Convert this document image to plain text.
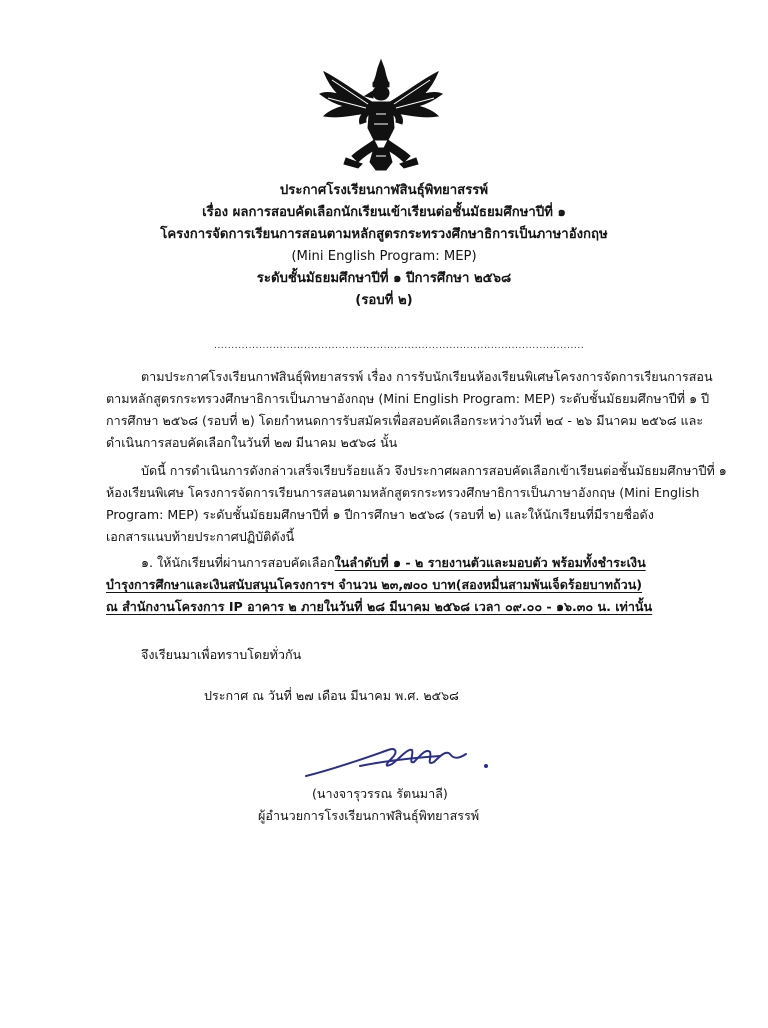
ประกาศโรงเรียนกาฬสินธุ์พิทยาสรรพ์
เรื่อง ผลการสอบคัดเลือกนักเรียนเข้าเรียนต่อชั้นมัธยมศึกษาปีที่ ๑
โครงการจัดการเรียนการสอนตามหลักสูตรกระทรวงศึกษาธิการเป็นภาษาอังกฤษ
(Mini English Program: MEP)
ระดับชั้นมัธยมศึกษาปีที่ ๑ ปีการศึกษา ๒๕๖๘
(รอบที่ ๒)
...........................................................................................................
ตามประกาศโรงเรียนกาฬสินธุ์พิทยาสรรพ์ เรื่อง การรับนักเรียนห้องเรียนพิเศษโครงการจัดการเรียนการสอน
ตามหลักสูตรกระทรวงศึกษาธิการเป็นภาษาอังกฤษ (Mini English Program: MEP) ระดับชั้นมัธยมศึกษาปีที่ ๑ ปี
การศึกษา ๒๕๖๘ (รอบที่ ๒) โดยกำหนดการรับสมัครเพื่อสอบคัดเลือกระหว่างวันที่ ๒๔ - ๒๖ มีนาคม ๒๕๖๘ และ
ดำเนินการสอบคัดเลือกในวันที่ ๒๗ มีนาคม ๒๕๖๘ นั้น
บัดนี้ การดำเนินการดังกล่าวเสร็จเรียบร้อยแล้ว จึงประกาศผลการสอบคัดเลือกเข้าเรียนต่อชั้นมัธยมศึกษาปีที่ ๑
ห้องเรียนพิเศษ โครงการจัดการเรียนการสอนตามหลักสูตรกระทรวงศึกษาธิการเป็นภาษาอังกฤษ (Mini English
Program: MEP) ระดับชั้นมัธยมศึกษาปีที่ ๑ ปีการศึกษา ๒๕๖๘ (รอบที่ ๒) และให้นักเรียนที่มีรายชื่อดัง
เอกสารแนบท้ายประกาศปฏิบัติดังนี้
๑. ให้นักเรียนที่ผ่านการสอบคัดเลือกในลำดับที่ ๑ - ๒ รายงานตัวและมอบตัว พร้อมทั้งชำระเงิน
บำรุงการศึกษาและเงินสนับสนุนโครงการฯ จำนวน ๒๓,๗๐๐ บาท(สองหมื่นสามพันเจ็ดร้อยบาทถ้วน)
ณ สำนักงานโครงการ IP อาคาร ๒ ภายในวันที่ ๒๘ มีนาคม ๒๕๖๘ เวลา ๐๙.๐๐ - ๑๖.๓๐ น. เท่านั้น
จึงเรียนมาเพื่อทราบโดยทั่วกัน
ประกาศ ณ วันที่ ๒๗ เดือน มีนาคม พ.ศ. ๒๕๖๘
(นางจารุวรรณ รัตนมาลี)
ผู้อำนวยการโรงเรียนกาฬสินธุ์พิทยาสรรพ์
